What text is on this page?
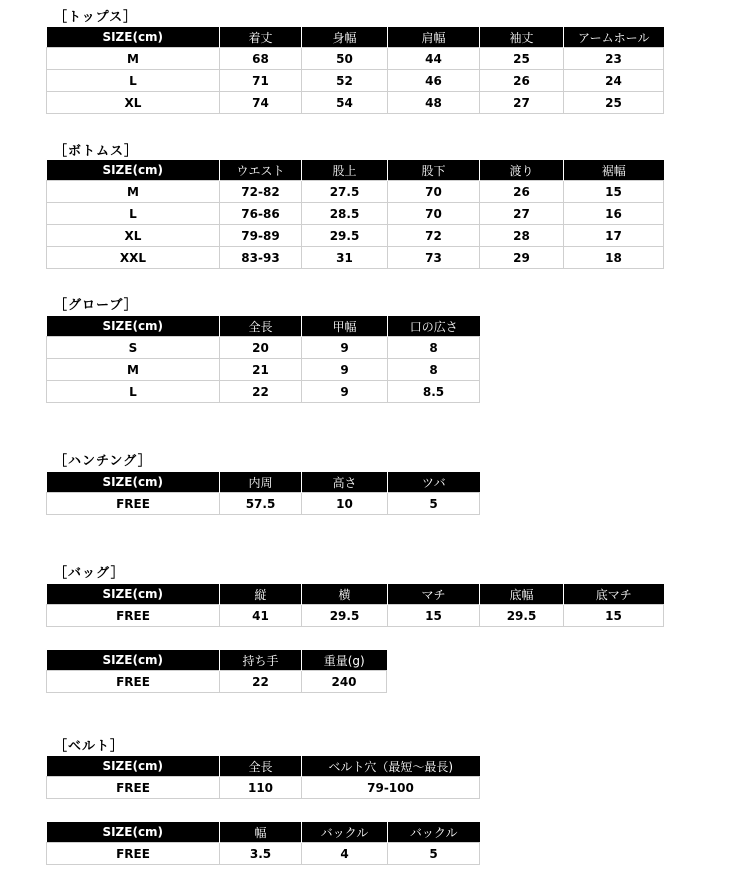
［トップス］
SIZE(cm)	着丈	身幅	肩幅	袖丈	アームホール
M	68	50	44	25	23
L	71	52	46	26	24
XL	74	54	48	27	25
［ボトムス］
SIZE(cm)	ウエスト	股上	股下	渡り	裾幅
M	72-82	27.5	70	26	15
L	76-86	28.5	70	27	16
XL	79-89	29.5	72	28	17
XXL	83-93	31	73	29	18
［グローブ］
SIZE(cm)	全長	甲幅	口の広さ
S	20	9	8
M	21	9	8
L	22	9	8.5
［ハンチング］
SIZE(cm)	内周	高さ	ツバ
FREE	57.5	10	5
［バッグ］
SIZE(cm)	縦	横	マチ	底幅	底マチ
FREE	41	29.5	15	29.5	15
SIZE(cm)	持ち手	重量(g)
FREE	22	240
［ベルト］
SIZE(cm)	全長	ベルト穴（最短～最長)
FREE	110	79-100
SIZE(cm)	幅	バックル	バックル
FREE	3.5	4	5
